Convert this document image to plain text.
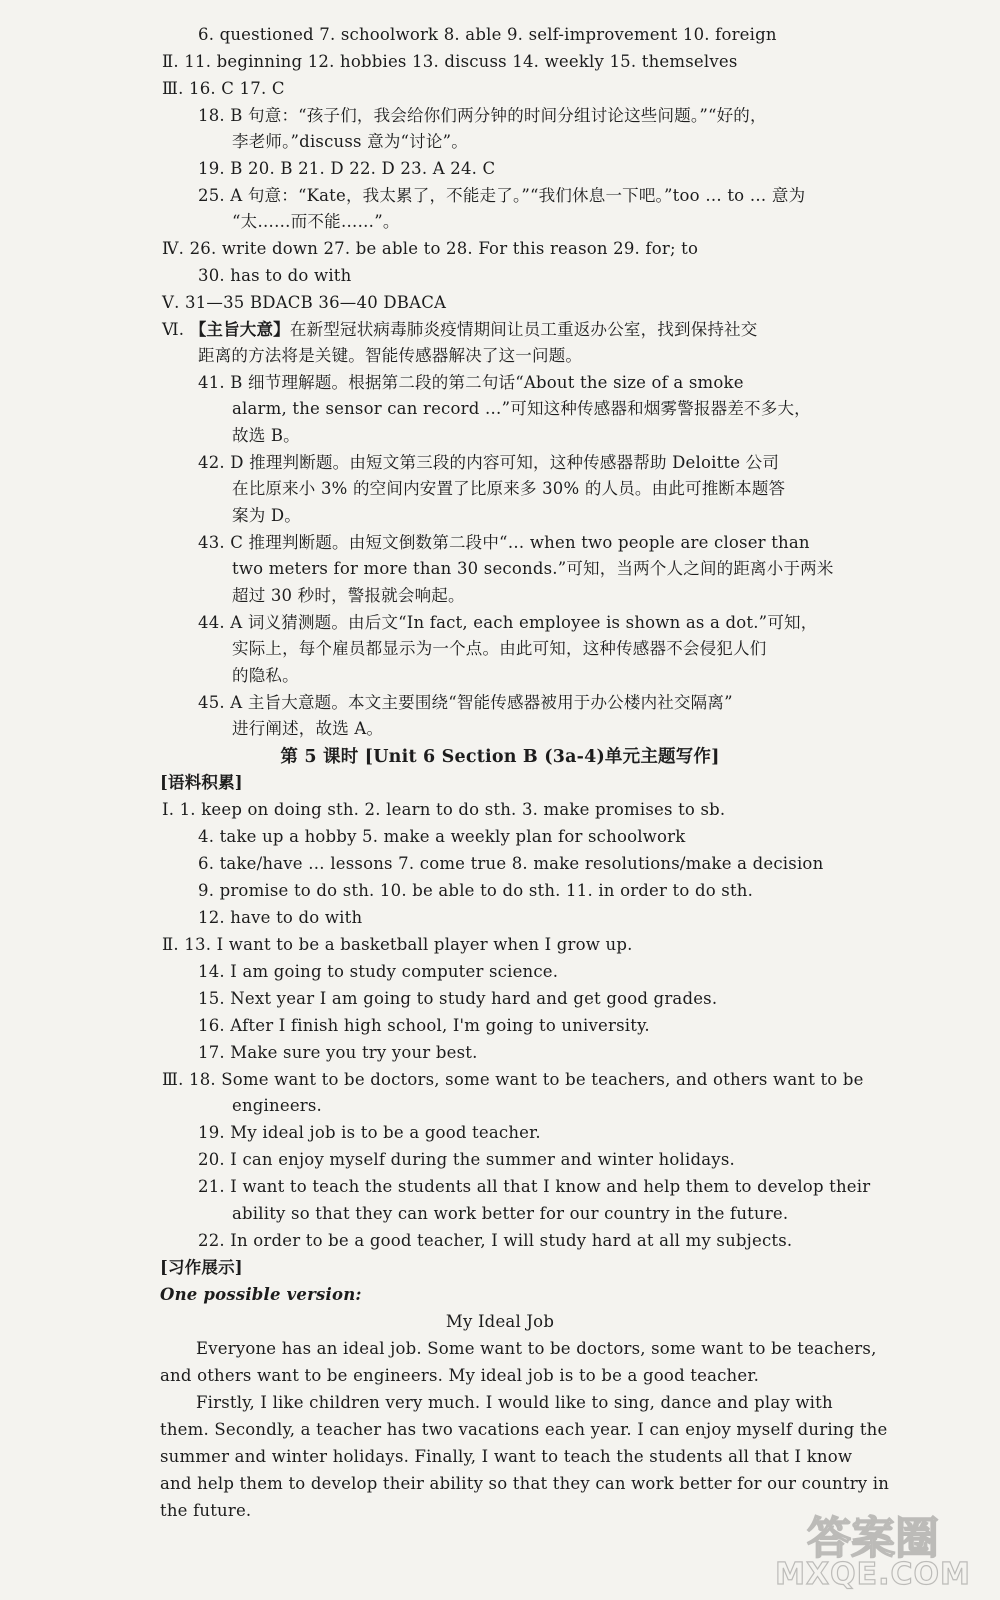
6. questioned 7. schoolwork 8. able 9. self-improvement 10. foreign
Ⅱ. 11. beginning 12. hobbies 13. discuss 14. weekly 15. themselves
Ⅲ. 16. C 17. C
18. B 句意：“孩子们，我会给你们两分钟的时间分组讨论这些问题。”“好的，
李老师。”discuss 意为“讨论”。
19. B 20. B 21. D 22. D 23. A 24. C
25. A 句意：“Kate，我太累了，不能走了。”“我们休息一下吧。”too … to … 意为
“太……而不能……”。
Ⅳ. 26. write down 27. be able to 28. For this reason 29. for; to
30. has to do with
Ⅴ. 31—35 BDACB 36—40 DBACA
Ⅵ. 【主旨大意】在新型冠状病毒肺炎疫情期间让员工重返办公室，找到保持社交
距离的方法将是关键。智能传感器解决了这一问题。
41. B 细节理解题。根据第二段的第二句话“About the size of a smoke
alarm, the sensor can record …”可知这种传感器和烟雾警报器差不多大，
故选 B。
42. D 推理判断题。由短文第三段的内容可知，这种传感器帮助 Deloitte 公司
在比原来小 3% 的空间内安置了比原来多 30% 的人员。由此可推断本题答
案为 D。
43. C 推理判断题。由短文倒数第二段中“… when two people are closer than
two meters for more than 30 seconds.”可知，当两个人之间的距离小于两米
超过 30 秒时，警报就会响起。
44. A 词义猜测题。由后文“In fact, each employee is shown as a dot.”可知，
实际上，每个雇员都显示为一个点。由此可知，这种传感器不会侵犯人们
的隐私。
45. A 主旨大意题。本文主要围绕“智能传感器被用于办公楼内社交隔离”
进行阐述，故选 A。
[语料积累]
Ⅰ. 1. keep on doing sth. 2. learn to do sth. 3. make promises to sb.
4. take up a hobby 5. make a weekly plan for schoolwork
6. take/have … lessons 7. come true 8. make resolutions/make a decision
9. promise to do sth. 10. be able to do sth. 11. in order to do sth.
12. have to do with
Ⅱ. 13. I want to be a basketball player when I grow up.
14. I am going to study computer science.
15. Next year I am going to study hard and get good grades.
16. After I finish high school, I'm going to university.
17. Make sure you try your best.
Ⅲ. 18. Some want to be doctors, some want to be teachers, and others want to be
engineers.
19. My ideal job is to be a good teacher.
20. I can enjoy myself during the summer and winter holidays.
21. I want to teach the students all that I know and help them to develop their
ability so that they can work better for our country in the future.
22. In order to be a good teacher, I will study hard at all my subjects.
[习作展示]
One possible version:
Everyone has an ideal job. Some want to be doctors, some want to be teachers,
and others want to be engineers. My ideal job is to be a good teacher.
Firstly, I like children very much. I would like to sing, dance and play with
them. Secondly, a teacher has two vacations each year. I can enjoy myself during the
summer and winter holidays. Finally, I want to teach the students all that I know
and help them to develop their ability so that they can work better for our country in
the future.
第 5 课时 [Unit 6 Section B (3a-4)单元主题写作]
My Ideal Job
答案圈
MXQE.COM
